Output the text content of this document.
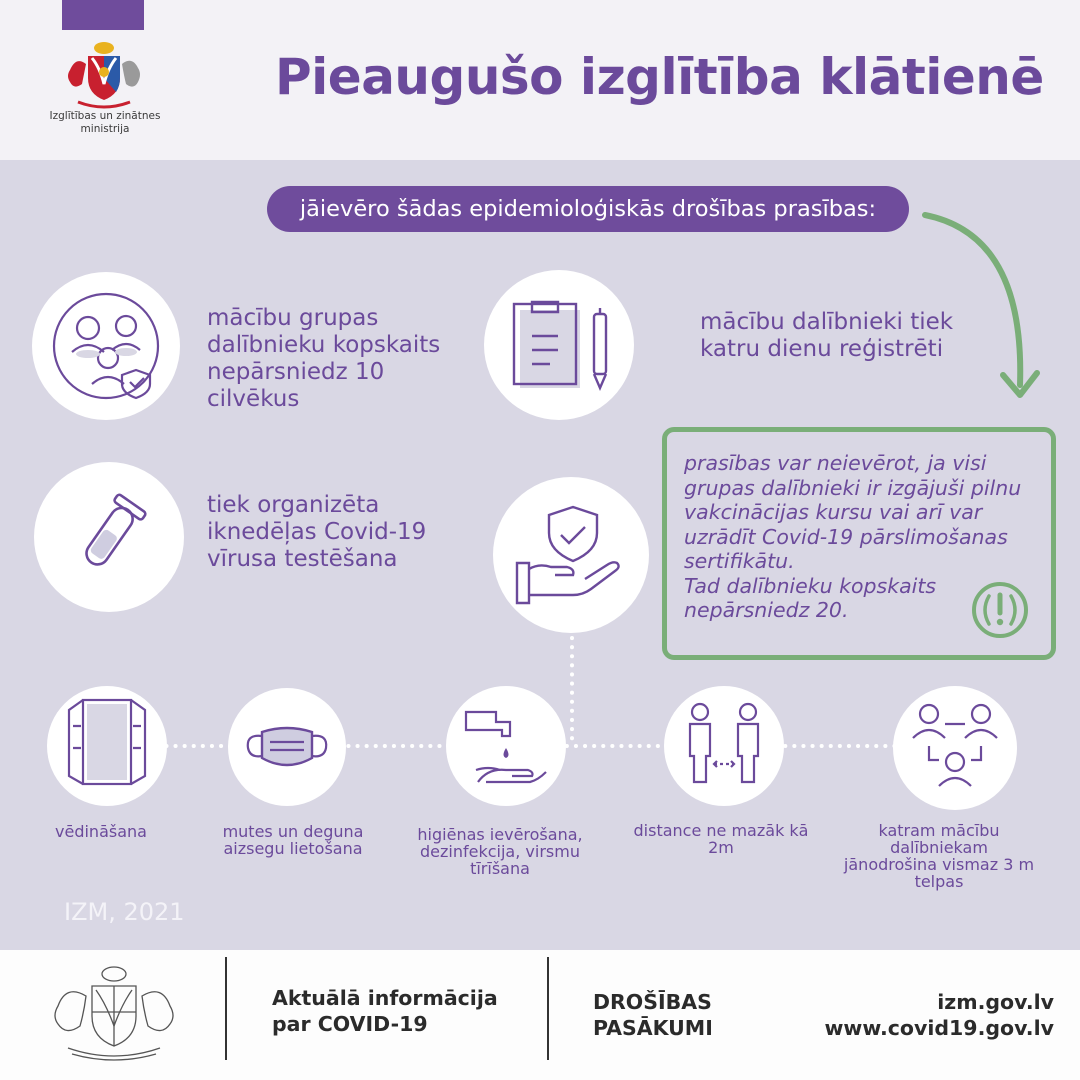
Izglītības un zinātnes
ministrija
Pieaugušo izglītība klātienē
jāievēro šādas epidemioloģiskās drošības prasības:
mācību grupas
dalībnieku kopskaits
nepārsniedz 10
cilvēkus
mācību dalībnieki tiek
katru dienu reģistrēti
tiek organizēta
iknedēļas Covid-19
vīrusa testēšana
prasības var neievērot, ja visi
grupas dalībnieki ir izgājuši pilnu
vakcinācijas kursu vai arī var
uzrādīt Covid-19 pārslimošanas
sertifikātu.
Tad dalībnieku kopskaits
nepārsniedz 20.
vēdināšana	mutes un deguna
aizsegu lietošana
higiēnas ievērošana,
dezinfekcija, virsmu
tīrīšana
distance ne mazāk kā
2m
katram mācību
dalībniekam
jānodrošina vismaz 3 m
telpas
IZM, 2021
Aktuālā informācija
par COVID-19
DROŠĪBAS
PASĀKUMI
izm.gov.lv
www.covid19.gov.lv
